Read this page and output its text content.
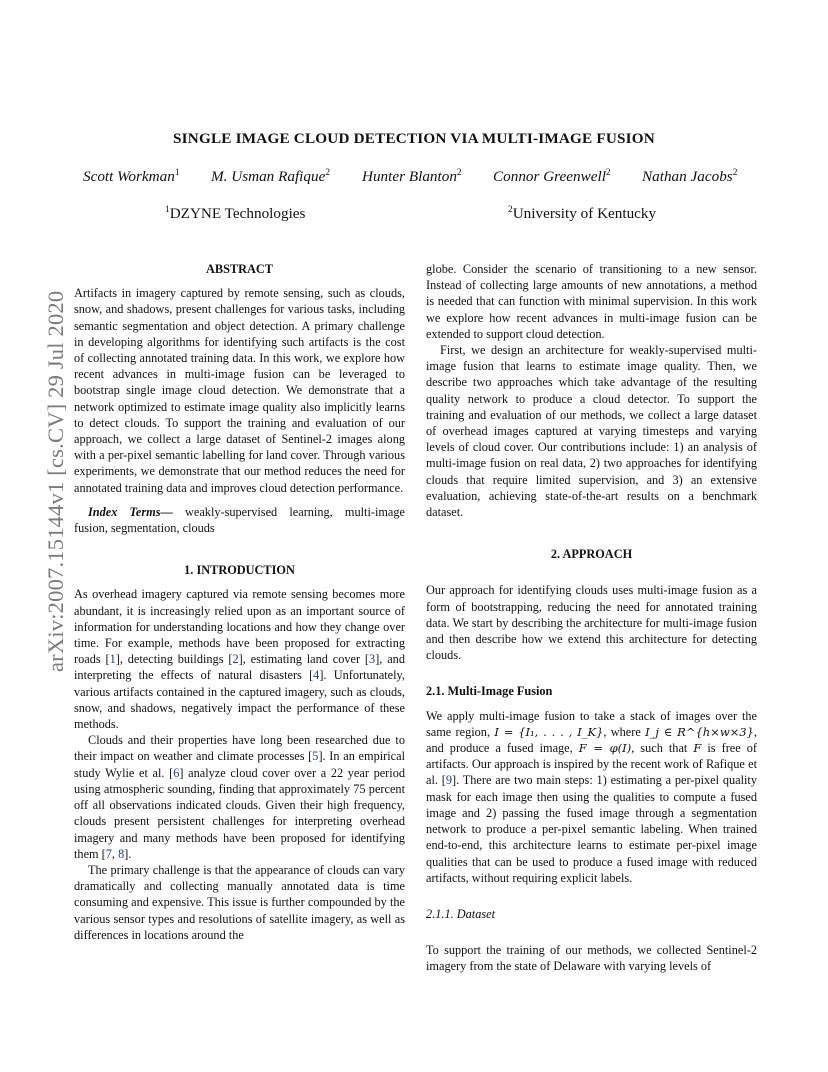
arXiv:2007.15144v1 [cs.CV] 29 Jul 2020
SINGLE IMAGE CLOUD DETECTION VIA MULTI-IMAGE FUSION
Scott Workman$^1$ M. Usman Rafique$^2$ Hunter Blanton$^2$ Connor Greenwell$^2$ Nathan Jacobs$^2$
$^1$ DZYNE Technologies	$^2$ University of Kentucky

ABSTRACT

Artifacts in imagery captured by remote sensing, such as clouds, snow, and shadows, present challenges for various tasks, including semantic segmentation and object detection. A primary challenge in developing algorithms for identifying such artifacts is the cost of collecting annotated training data. In this work, we explore how recent advances in multi-image fusion can be leveraged to bootstrap single image cloud detection. We demonstrate that a network optimized to estimate image quality also implicitly learns to detect clouds. To support the training and evaluation of our approach, we collect a large dataset of Sentinel-2 images along with a per-pixel semantic labelling for land cover. Through various experiments, we demonstrate that our method reduces the need for annotated training data and improves cloud detection performance.

Index Terms— weakly-supervised learning, multi-image fusion, segmentation, clouds

1. INTRODUCTION

As overhead imagery captured via remote sensing becomes more abundant, it is increasingly relied upon as an important source of information for understanding locations and how they change over time. For example, methods have been proposed for extracting roads [1], detecting buildings [2], estimating land cover [3], and interpreting the effects of natural disasters [4]. Unfortunately, various artifacts contained in the captured imagery, such as clouds, snow, and shadows, negatively impact the performance of these methods.

Clouds and their properties have long been researched due to their impact on weather and climate processes [5]. In an empirical study Wylie et al. [6] analyze cloud cover over a 22 year period using atmospheric sounding, finding that approximately 75 percent off all observations indicated clouds. Given their high frequency, clouds present persistent challenges for interpreting overhead imagery and many methods have been proposed for identifying them [7, 8].

The primary challenge is that the appearance of clouds can vary dramatically and collecting manually annotated data is time consuming and expensive. This issue is further compounded by the various sensor types and resolutions of satellite imagery, as well as differences in locations around the

globe. Consider the scenario of transitioning to a new sensor. Instead of collecting large amounts of new annotations, a method is needed that can function with minimal supervision. In this work we explore how recent advances in multi-image fusion can be extended to support cloud detection.

First, we design an architecture for weakly-supervised multi-image fusion that learns to estimate image quality. Then, we describe two approaches which take advantage of the resulting quality network to produce a cloud detector. To support the training and evaluation of our methods, we collect a large dataset of overhead images captured at varying timesteps and varying levels of cloud cover. Our contributions include: 1) an analysis of multi-image fusion on real data, 2) two approaches for identifying clouds that require limited supervision, and 3) an extensive evaluation, achieving state-of-the-art results on a benchmark dataset.

2. APPROACH

Our approach for identifying clouds uses multi-image fusion as a form of bootstrapping, reducing the need for annotated training data. We start by describing the architecture for multi-image fusion and then describe how we extend this architecture for detecting clouds.

2.1. Multi-Image Fusion

We apply multi-image fusion to take a stack of images over the same region, I = {I₁, . . . , I_K}, where I_j ∈ R^{h×w×3}, and produce a fused image, F = φ(I), such that F is free of artifacts. Our approach is inspired by the recent work of Rafique et al. [9]. There are two main steps: 1) estimating a per-pixel quality mask for each image then using the qualities to compute a fused image and 2) passing the fused image through a segmentation network to produce a per-pixel semantic labeling. When trained end-to-end, this architecture learns to estimate per-pixel image qualities that can be used to produce a fused image with reduced artifacts, without requiring explicit labels.

2.1.1. Dataset

To support the training of our methods, we collected Sentinel-2 imagery from the state of Delaware with varying levels of
